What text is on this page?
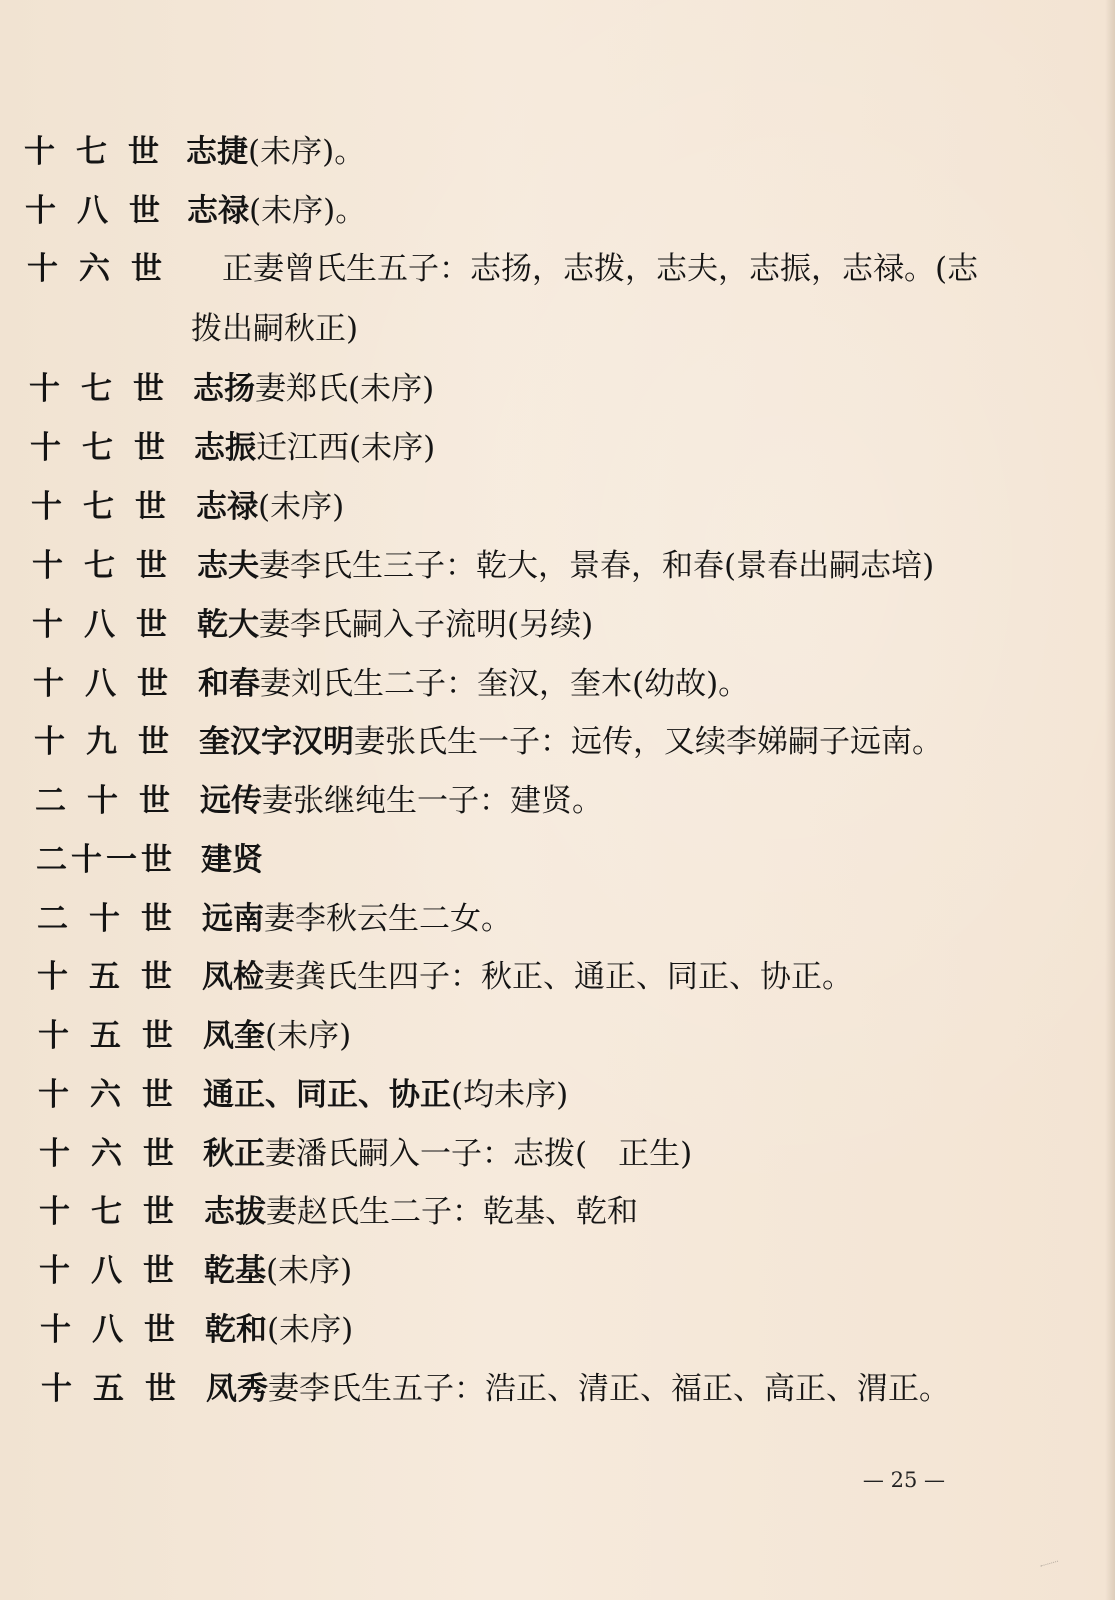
十七世 志捷(未序)。
十八世 志禄(未序)。
十六世 正妻曾氏生五子：志扬，志拨，志夫，志振，志禄。(志
拨出嗣秋正)
十七世 志扬妻郑氏(未序)
十七世 志振迁江西(未序)
十七世 志禄(未序)
十七世 志夫妻李氏生三子：乾大，景春，和春(景春出嗣志培)
十八世 乾大妻李氏嗣入子流明(另续)
十八世 和春妻刘氏生二子：奎汉，奎木(幼故)。
十九世 奎汉字汉明妻张氏生一子：远传，又续李娣嗣子远南。
二十世 远传妻张继纯生一子：建贤。
二十一世 建贤
二十世 远南妻李秋云生二女。
十五世 凤检妻龚氏生四子：秋正、通正、同正、协正。
十五世 凤奎(未序)
十六世 通正、同正、协正(均未序)
十六世 秋正妻潘氏嗣入一子：志拨(　正生)
十七世 志拔妻赵氏生二子：乾基、乾和
十八世 乾基(未序)
十八世 乾和(未序)
十五世 凤秀妻李氏生五子：浩正、清正、福正、高正、渭正。
— 25 —
